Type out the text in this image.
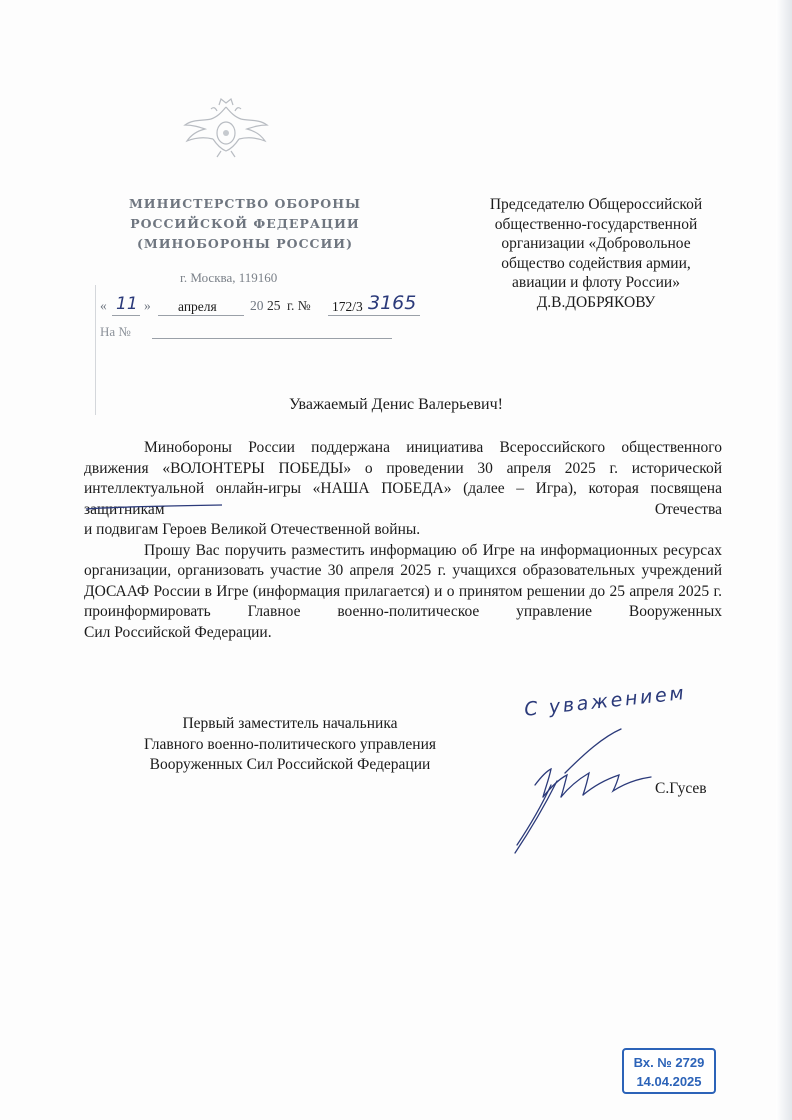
МИНИСТЕРСТВО ОБОРОНЫ
РОССИЙСКОЙ ФЕДЕРАЦИИ
(МИНОБОРОНЫ РОССИИ)
г. Москва, 119160
« 11 » апреля 20 25 г. № 172/3 3165
На №
Председателю Общероссийской
общественно-государственной
организации «Добровольное
общество содействия армии,
авиации и флоту России»
Д.В.ДОБРЯКОВУ
Уважаемый Денис Валерьевич!

Минобороны России поддержана инициатива Всероссийского общественного движения «ВОЛОНТЕРЫ ПОБЕДЫ» о проведении 30 апреля 2025 г. исторической интеллектуальной онлайн-игры «НАША ПОБЕДА» (далее – Игра), которая посвящена защитникам Отечества
и подвигам Героев Великой Отечественной войны.

Прошу Вас поручить разместить информацию об Игре на информационных ресурсах организации, организовать участие 30 апреля 2025 г. учащихся образовательных учреждений ДОСААФ России в Игре (информация прилагается) и о принятом решении до 25 апреля 2025 г. проинформировать Главное военно-политическое управление Вооруженных
Сил Российской Федерации.

Первый заместитель начальника
Главного военно-политического управления
Вооруженных Сил Российской Федерации
С уважением
С.Гусев
Вх. № 2729
14.04.2025
